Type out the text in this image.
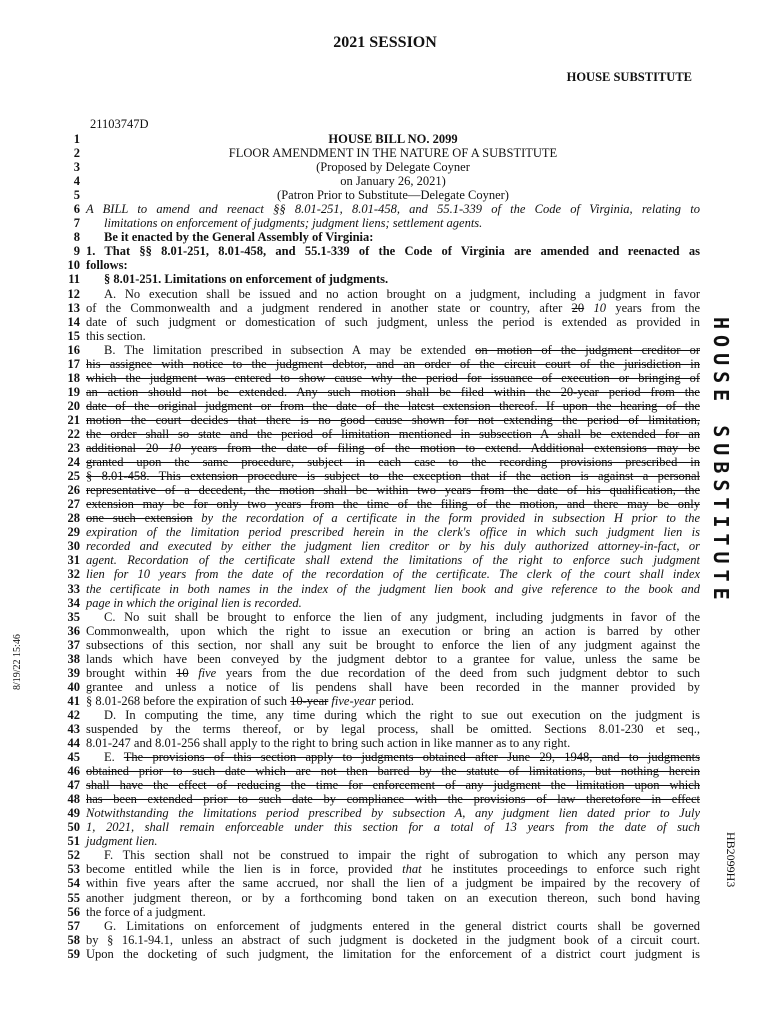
2021 SESSION
HOUSE SUBSTITUTE
21103747D
1	HOUSE BILL NO. 2099
2	FLOOR AMENDMENT IN THE NATURE OF A SUBSTITUTE
3	(Proposed by Delegate Coyner
4	on January 26, 2021)
5	(Patron Prior to Substitute—Delegate Coyner)
6 A BILL to amend and reenact §§ 8.01-251, 8.01-458, and 55.1-339 of the Code of Virginia, relating to
7	limitations on enforcement of judgments; judgment liens; settlement agents.
8	Be it enacted by the General Assembly of Virginia:
9 1. That §§ 8.01-251, 8.01-458, and 55.1-339 of the Code of Virginia are amended and reenacted as
10 follows:
11	§ 8.01-251. Limitations on enforcement of judgments.
12	A. No execution shall be issued and no action brought on a judgment, including a judgment in favor
13 of the Commonwealth and a judgment rendered in another state or country, after 20 10 years from the
14 date of such judgment or domestication of such judgment, unless the period is extended as provided in
15 this section.
16	B. The limitation prescribed in subsection A may be extended on motion of the judgment creditor or
17 his assignee with notice to the judgment debtor, and an order of the circuit court of the jurisdiction in
18 which the judgment was entered to show cause why the period for issuance of execution or bringing of
19 an action should not be extended. Any such motion shall be filed within the 20-year period from the
20 date of the original judgment or from the date of the latest extension thereof. If upon the hearing of the
21 motion the court decides that there is no good cause shown for not extending the period of limitation,
22 the order shall so state and the period of limitation mentioned in subsection A shall be extended for an
23 additional 20 10 years from the date of filing of the motion to extend. Additional extensions may be
24 granted upon the same procedure, subject in each case to the recording provisions prescribed in
25 § 8.01-458. This extension procedure is subject to the exception that if the action is against a personal
26 representative of a decedent, the motion shall be within two years from the date of his qualification, the
27 extension may be for only two years from the time of the filing of the motion, and there may be only
28 one such extension by the recordation of a certificate in the form provided in subsection H prior to the
29 expiration of the limitation period prescribed herein in the clerk's office in which such judgment lien is
30 recorded and executed by either the judgment lien creditor or by his duly authorized attorney-in-fact, or
31 agent. Recordation of the certificate shall extend the limitations of the right to enforce such judgment
32 lien for 10 years from the date of the recordation of the certificate. The clerk of the court shall index
33 the certificate in both names in the index of the judgment lien book and give reference to the book and
34 page in which the original lien is recorded.
35	C. No suit shall be brought to enforce the lien of any judgment, including judgments in favor of the
36 Commonwealth, upon which the right to issue an execution or bring an action is barred by other
37 subsections of this section, nor shall any suit be brought to enforce the lien of any judgment against the
38 lands which have been conveyed by the judgment debtor to a grantee for value, unless the same be
39 brought within 10 five years from the due recordation of the deed from such judgment debtor to such
40 grantee and unless a notice of lis pendens shall have been recorded in the manner provided by
41 § 8.01-268 before the expiration of such 10-year five-year period.
42	D. In computing the time, any time during which the right to sue out execution on the judgment is
43 suspended by the terms thereof, or by legal process, shall be omitted. Sections 8.01-230 et seq.,
44 8.01-247 and 8.01-256 shall apply to the right to bring such action in like manner as to any right.
45	E. The provisions of this section apply to judgments obtained after June 29, 1948, and to judgments
46 obtained prior to such date which are not then barred by the statute of limitations, but nothing herein
47 shall have the effect of reducing the time for enforcement of any judgment the limitation upon which
48 has been extended prior to such date by compliance with the provisions of law theretofore in effect
49 Notwithstanding the limitations period prescribed by subsection A, any judgment lien dated prior to July
50 1, 2021, shall remain enforceable under this section for a total of 13 years from the date of such
51 judgment lien.
52	F. This section shall not be construed to impair the right of subrogation to which any person may
53 become entitled while the lien is in force, provided that he institutes proceedings to enforce such right
54 within five years after the same accrued, nor shall the lien of a judgment be impaired by the recovery of
55 another judgment thereon, or by a forthcoming bond taken on an execution thereon, such bond having
56 the force of a judgment.
57	G. Limitations on enforcement of judgments entered in the general district courts shall be governed
58 by § 16.1-94.1, unless an abstract of such judgment is docketed in the judgment book of a circuit court.
59 Upon the docketing of such judgment, the limitation for the enforcement of a district court judgment is
8/19/22 15:46
HOUSE SUBSTITUTE
HB2099H3
